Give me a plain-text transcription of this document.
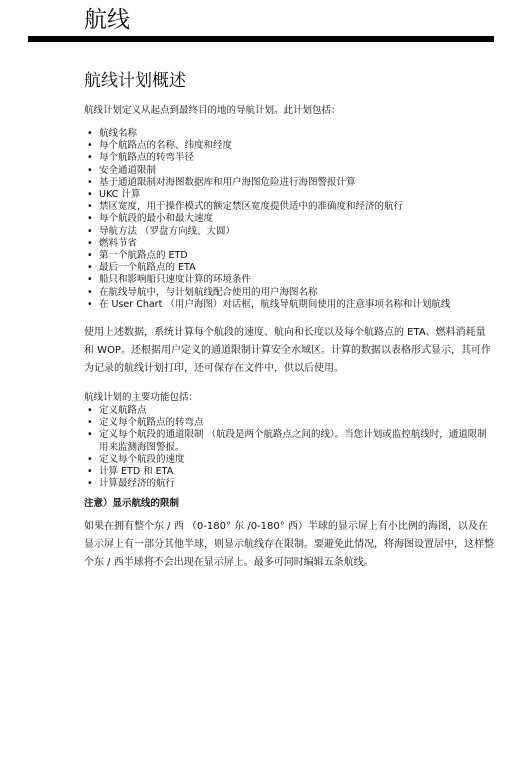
航线
航线计划概述

航线计划定义从起点到最终目的地的导航计划。此计划包括：

• 航线名称
• 每个航路点的名称、纬度和经度
• 每个航路点的转弯半径
• 安全通道限制
• 基于通道限制对海图数据库和用户海图危险进行海图警报计算
• UKC 计算
• 禁区宽度，用于操作模式的额定禁区宽度提供适中的准确度和经济的航行
• 每个航段的最小和最大速度
• 导航方法 （罗盘方向线、大圆）
• 燃料节省
• 第一个航路点的 ETD
• 最后一个航路点的 ETA
• 船只和影响船只速度计算的环境条件
• 在航线导航中，与计划航线配合使用的用户海图名称
• 在 User Chart （用户海图）对话框，航线导航期间使用的注意事项名称和计划航线

使用上述数据，系统计算每个航段的速度、航向和长度以及每个航路点的 ETA、燃料消耗量和 WOP。还根据用户定义的通道限制计算安全水域区。计算的数据以表格形式显示，其可作为记录的航线计划打印，还可保存在文件中，供以后使用。

航线计划的主要功能包括：

• 定义航路点
• 定义每个航路点的转弯点
• 定义每个航段的通道限制 （航段是两个航路点之间的线）。当您计划或监控航线时，通道限制用来监测海图警报。
• 定义每个航段的速度
• 计算 ETD 和 ETA
• 计算最经济的航行

注意）显示航线的限制

如果在拥有整个东 / 西 （0-180° 东 /0-180° 西）半球的显示屏上有小比例的海图，以及在显示屏上有一部分其他半球，则显示航线存在限制。要避免此情况，将海图设置居中，这样整个东 / 西半球将不会出现在显示屏上。最多可同时编辑五条航线。
